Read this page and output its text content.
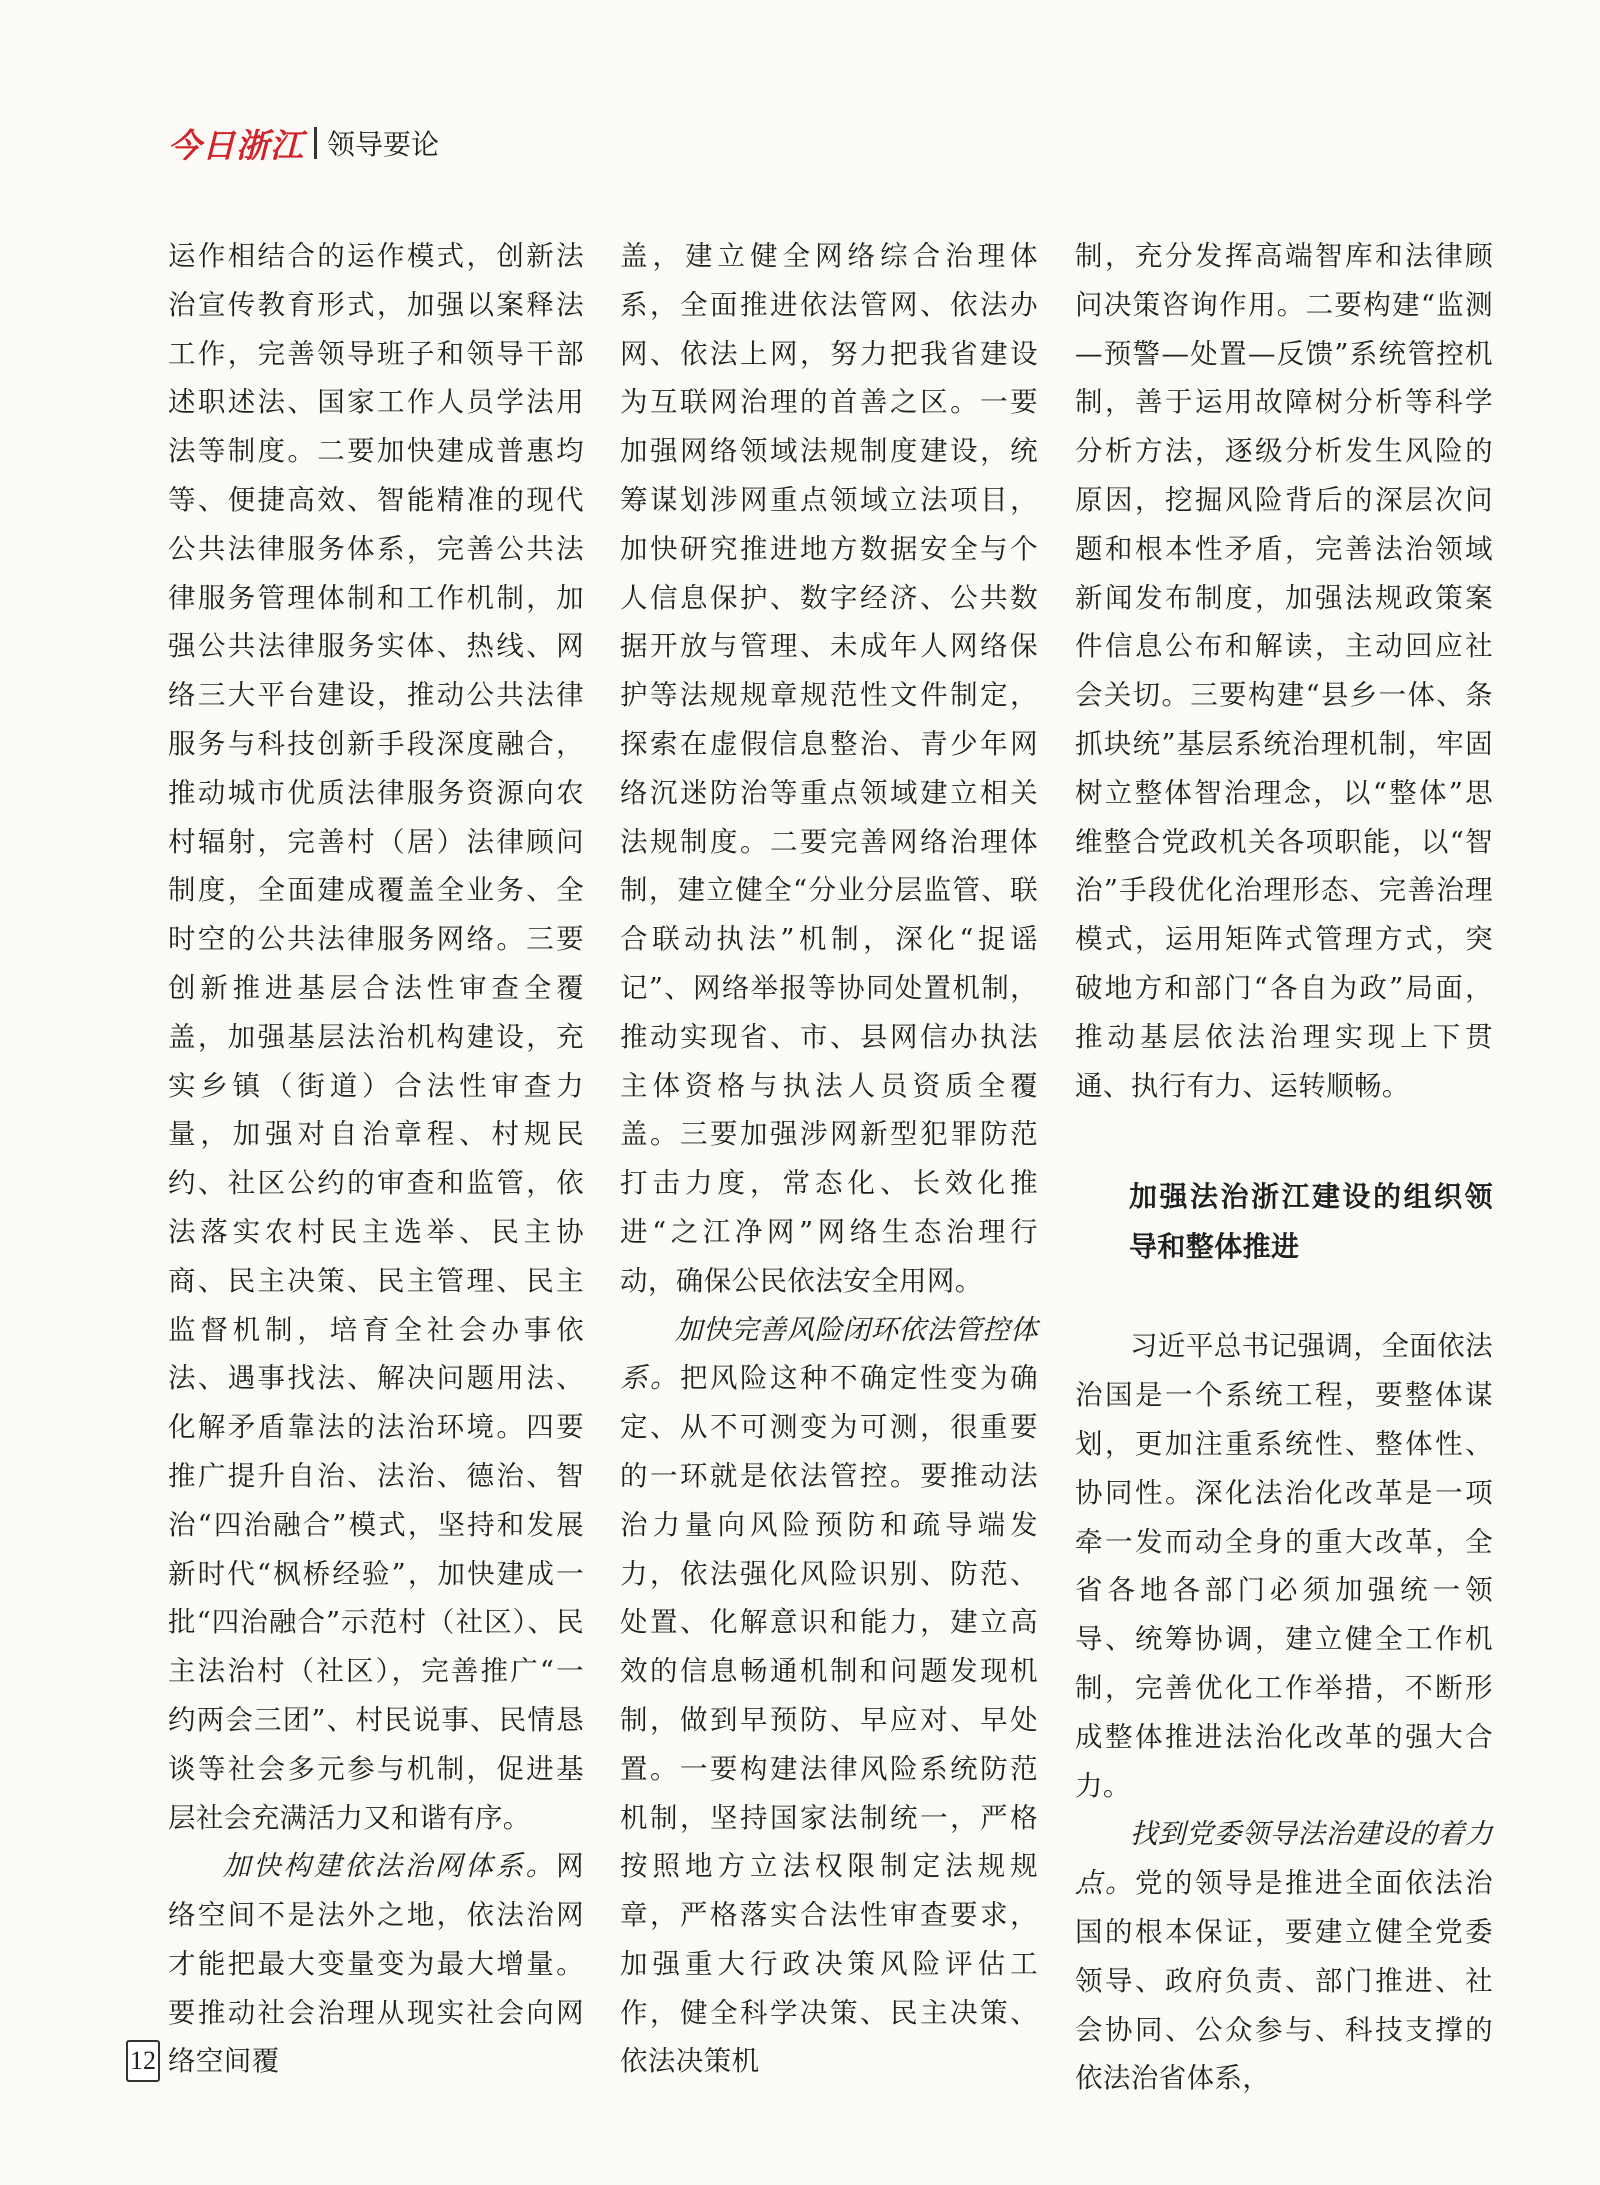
今日浙江 领导要论

运作相结合的运作模式，创新法治宣传教育形式，加强以案释法工作，完善领导班子和领导干部述职述法、国家工作人员学法用法等制度。二要加快建成普惠均等、便捷高效、智能精准的现代公共法律服务体系，完善公共法律服务管理体制和工作机制，加强公共法律服务实体、热线、网络三大平台建设，推动公共法律服务与科技创新手段深度融合，推动城市优质法律服务资源向农村辐射，完善村（居）法律顾问制度，全面建成覆盖全业务、全时空的公共法律服务网络。三要创新推进基层合法性审查全覆盖，加强基层法治机构建设，充实乡镇（街道）合法性审查力量，加强对自治章程、村规民约、社区公约的审查和监管，依法落实农村民主选举、民主协商、民主决策、民主管理、民主监督机制，培育全社会办事依法、遇事找法、解决问题用法、化解矛盾靠法的法治环境。四要推广提升自治、法治、德治、智治“四治融合”模式，坚持和发展新时代“枫桥经验”，加快建成一批“四治融合”示范村（社区）、民主法治村（社区），完善推广“一约两会三团”、村民说事、民情恳谈等社会多元参与机制，促进基层社会充满活力又和谐有序。

加快构建依法治网体系。网络空间不是法外之地，依法治网才能把最大变量变为最大增量。要推动社会治理从现实社会向网络空间覆

盖，建立健全网络综合治理体系，全面推进依法管网、依法办网、依法上网，努力把我省建设为互联网治理的首善之区。一要加强网络领域法规制度建设，统筹谋划涉网重点领域立法项目，加快研究推进地方数据安全与个人信息保护、数字经济、公共数据开放与管理、未成年人网络保护等法规规章规范性文件制定，探索在虚假信息整治、青少年网络沉迷防治等重点领域建立相关法规制度。二要完善网络治理体制，建立健全“分业分层监管、联合联动执法”机制，深化“捉谣记”、网络举报等协同处置机制，推动实现省、市、县网信办执法主体资格与执法人员资质全覆盖。三要加强涉网新型犯罪防范打击力度，常态化、长效化推进“之江净网”网络生态治理行动，确保公民依法安全用网。

加快完善风险闭环依法管控体系。把风险这种不确定性变为确定、从不可测变为可测，很重要的一环就是依法管控。要推动法治力量向风险预防和疏导端发力，依法强化风险识别、防范、处置、化解意识和能力，建立高效的信息畅通机制和问题发现机制，做到早预防、早应对、早处置。一要构建法律风险系统防范机制，坚持国家法制统一，严格按照地方立法权限制定法规规章，严格落实合法性审查要求，加强重大行政决策风险评估工作，健全科学决策、民主决策、依法决策机

制，充分发挥高端智库和法律顾问决策咨询作用。二要构建“监测—预警—处置—反馈”系统管控机制，善于运用故障树分析等科学分析方法，逐级分析发生风险的原因，挖掘风险背后的深层次问题和根本性矛盾，完善法治领域新闻发布制度，加强法规政策案件信息公布和解读，主动回应社会关切。三要构建“县乡一体、条抓块统”基层系统治理机制，牢固树立整体智治理念，以“整体”思维整合党政机关各项职能，以“智治”手段优化治理形态、完善治理模式，运用矩阵式管理方式，突破地方和部门“各自为政”局面，推动基层依法治理实现上下贯通、执行有力、运转顺畅。

加强法治浙江建设的组织领导和整体推进

习近平总书记强调，全面依法治国是一个系统工程，要整体谋划，更加注重系统性、整体性、协同性。深化法治化改革是一项牵一发而动全身的重大改革，全省各地各部门必须加强统一领导、统筹协调，建立健全工作机制，完善优化工作举措，不断形成整体推进法治化改革的强大合力。

找到党委领导法治建设的着力点。党的领导是推进全面依法治国的根本保证，要建立健全党委领导、政府负责、部门推进、社会协同、公众参与、科技支撑的依法治省体系，

12
